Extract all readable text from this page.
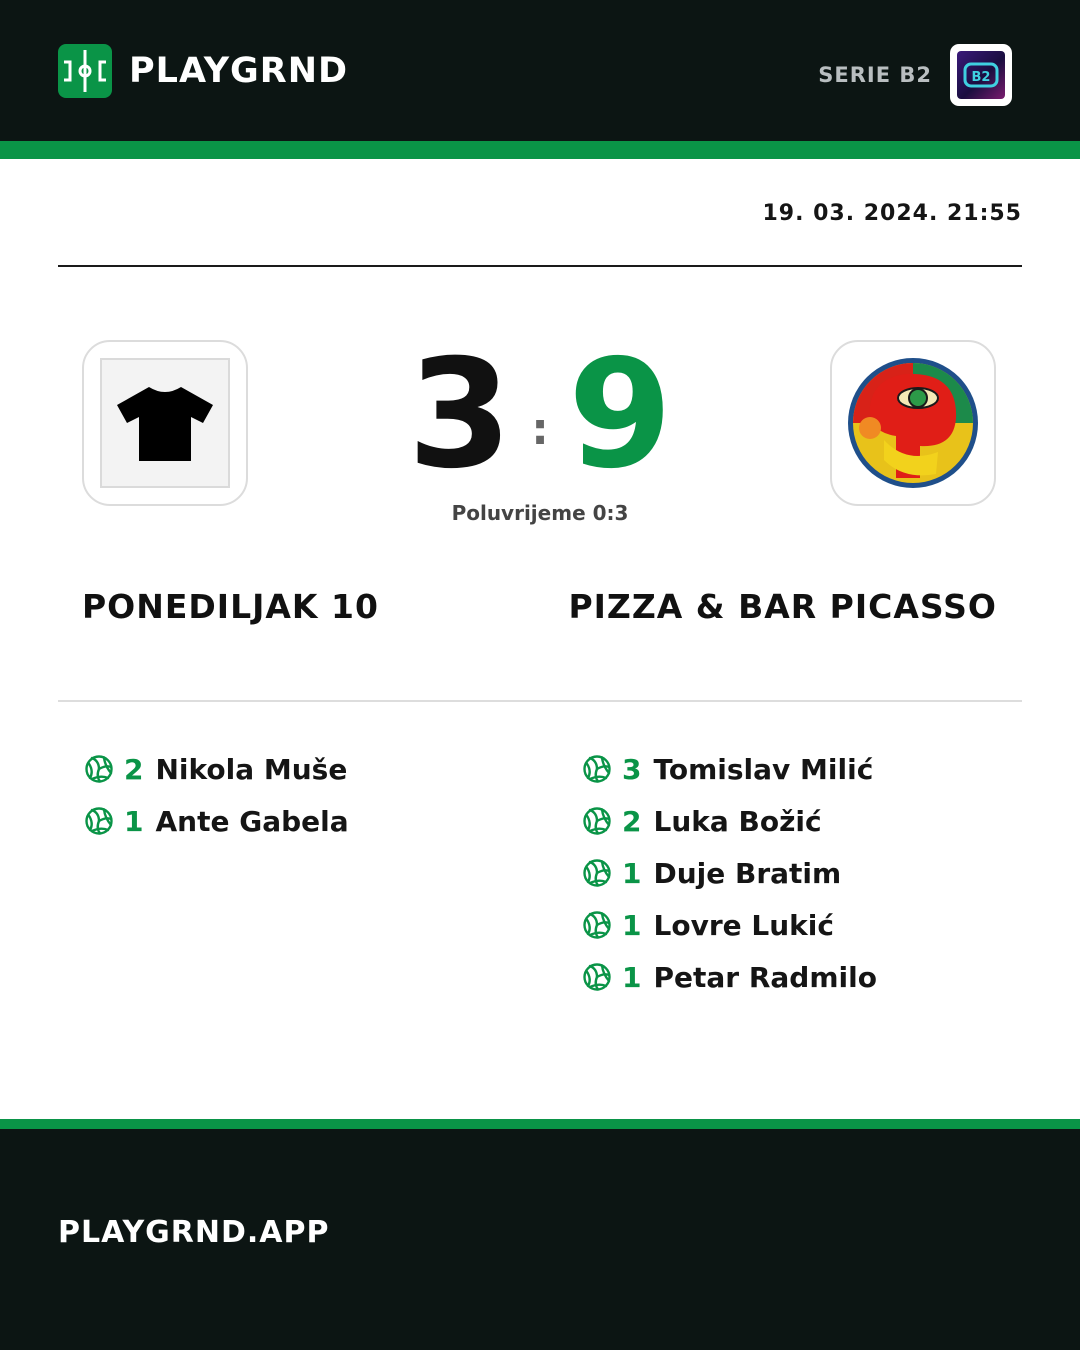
PLAYGRND	SERIE B2	B2
19. 03. 2024. 21:55
3 : 9
Poluvrijeme 0:3
PONEDILJAK 10	PIZZA & BAR PICASSO
2 Nikola Muše
1 Ante Gabela
3 Tomislav Milić
2 Luka Božić
1 Duje Bratim
1 Lovre Lukić
1 Petar Radmilo
PLAYGRND.APP
